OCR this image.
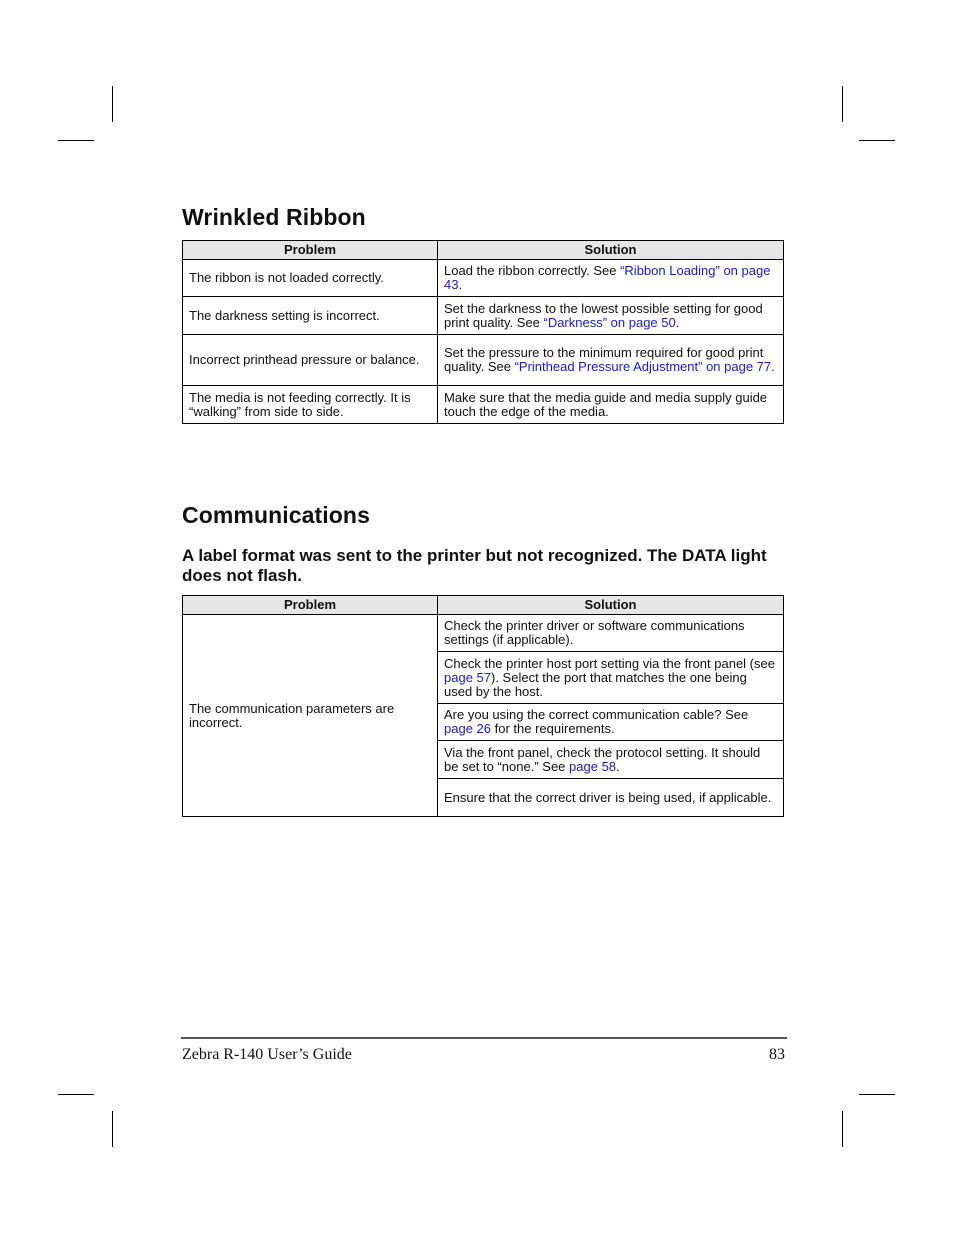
Wrinkled Ribbon
Problem	Solution
The ribbon is not loaded correctly.	Load the ribbon correctly. See “Ribbon Loading” on page 43.
The darkness setting is incorrect.	Set the darkness to the lowest possible setting for good print quality. See “Darkness” on page 50.
Incorrect printhead pressure or balance.	Set the pressure to the minimum required for good print quality. See “Printhead Pressure Adjustment” on page 77.
The media is not feeding correctly. It is “walking” from side to side.	Make sure that the media guide and media supply guide touch the edge of the media.
Communications
A label format was sent to the printer but not recognized. The DATA light does not flash.
Problem	Solution
The communication parameters are incorrect.	Check the printer driver or software communications settings (if applicable).
	Check the printer host port setting via the front panel (see page 57). Select the port that matches the one being used by the host.
	Are you using the correct communication cable? See page 26 for the requirements.
	Via the front panel, check the protocol setting. It should be set to “none.” See page 58.
	Ensure that the correct driver is being used, if applicable.
Zebra R-140 User’s Guide	83
